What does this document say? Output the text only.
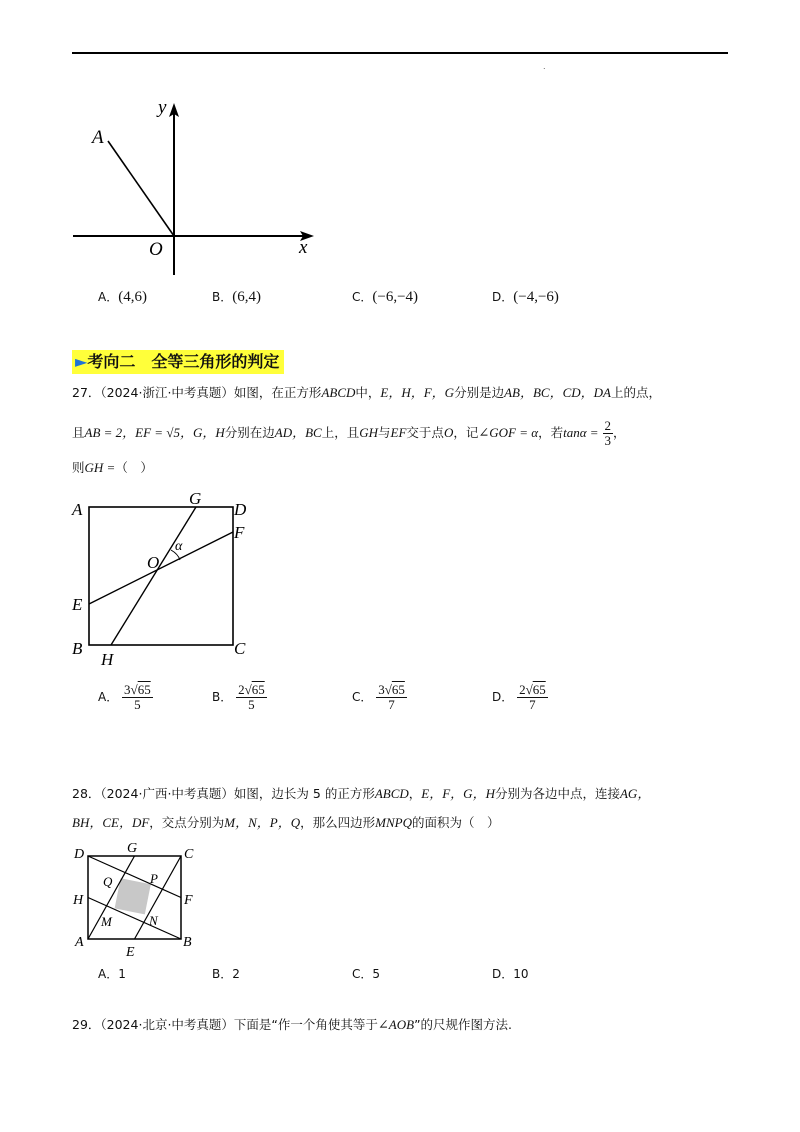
.
A
O	x
y
A．(4,6)	B．(6,4)	C．(−6,−4)	D．(−4,−6)
►考向二　全等三角形的判定
27．（2024·浙江·中考真题）如图，在正方形ABCD中，E，H，F，G分别是边AB，BC，CD，DA上的点，
且AB = 2，EF = √5，G，H分别在边AD，BC上，且GH与EF交于点O，记∠GOF = α，若$\tan\alpha = \frac{2}{3}$ ，
则GH =（　）
A
B	C
D
E
F
G
H
O
α
A． $\frac{3√65}{5}$	B． $\frac{2√65}{5}$	C． $\frac{3√65}{7}$	D． $\frac{2√65}{7}$
28．（2024·广西·中考真题）如图，边长为 5 的正方形ABCD，E，F，G，H分别为各边中点，连接AG，
BH，CE，DF，交点分别为M，N，P，Q，那么四边形MNPQ的面积为（　）
D	C
A	B
G
E
H	F
Q	P
M	N
A．1	B．2	C．5	D．10
29．（2024·北京·中考真题）下面是“作一个角使其等于∠AOB”的尺规作图方法.
